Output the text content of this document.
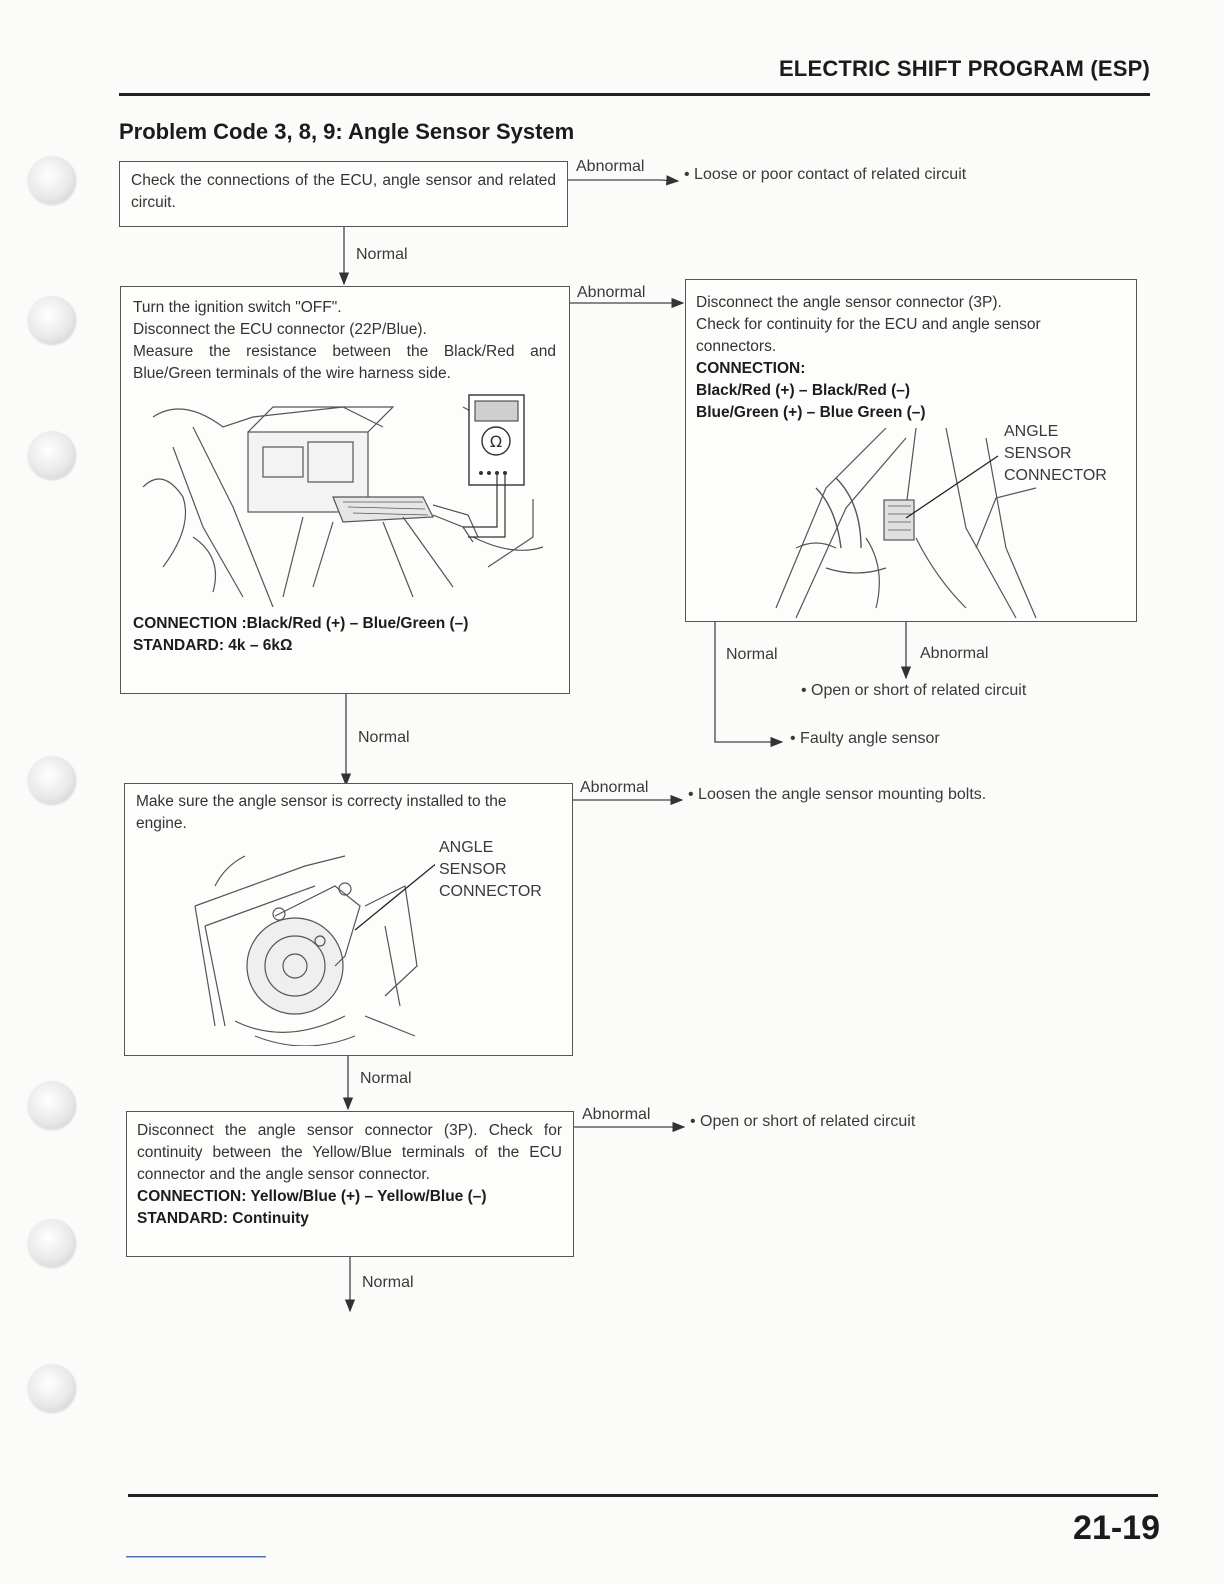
ELECTRIC SHIFT PROGRAM (ESP)
Problem Code 3, 8, 9: Angle Sensor System

Check the connections of the ECU, angle sensor and related circuit.

Abnormal • Loose or poor contact of related circuit
Normal

Turn the ignition switch "OFF".

Disconnect the ECU connector (22P/Blue).

Measure the resistance between the Black/Red and Blue/Green terminals of the wire harness side.

Ω

CONNECTION :Black/Red (+) – Blue/Green (–)

STANDARD: 4k – 6kΩ

Abnormal
Normal

Disconnect the angle sensor connector (3P).

Check for continuity for the ECU and angle sensor connectors.

CONNECTION:

Black/Red (+) – Black/Red (–)

Blue/Green (+) – Blue Green (–)

ANGLE
SENSOR
CONNECTOR
Normal	Abnormal
• Open or short of related circuit
• Faulty angle sensor

Make sure the angle sensor is correcty installed to the engine.

ANGLE
SENSOR
CONNECTOR
Abnormal • Loosen the angle sensor mounting bolts.
Normal

Disconnect the angle sensor connector (3P). Check for continuity between the Yellow/Blue terminals of the ECU connector and the angle sensor connector.

CONNECTION: Yellow/Blue (+) – Yellow/Blue (–)

STANDARD: Continuity

Abnormal • Open or short of related circuit
Normal
21-19
